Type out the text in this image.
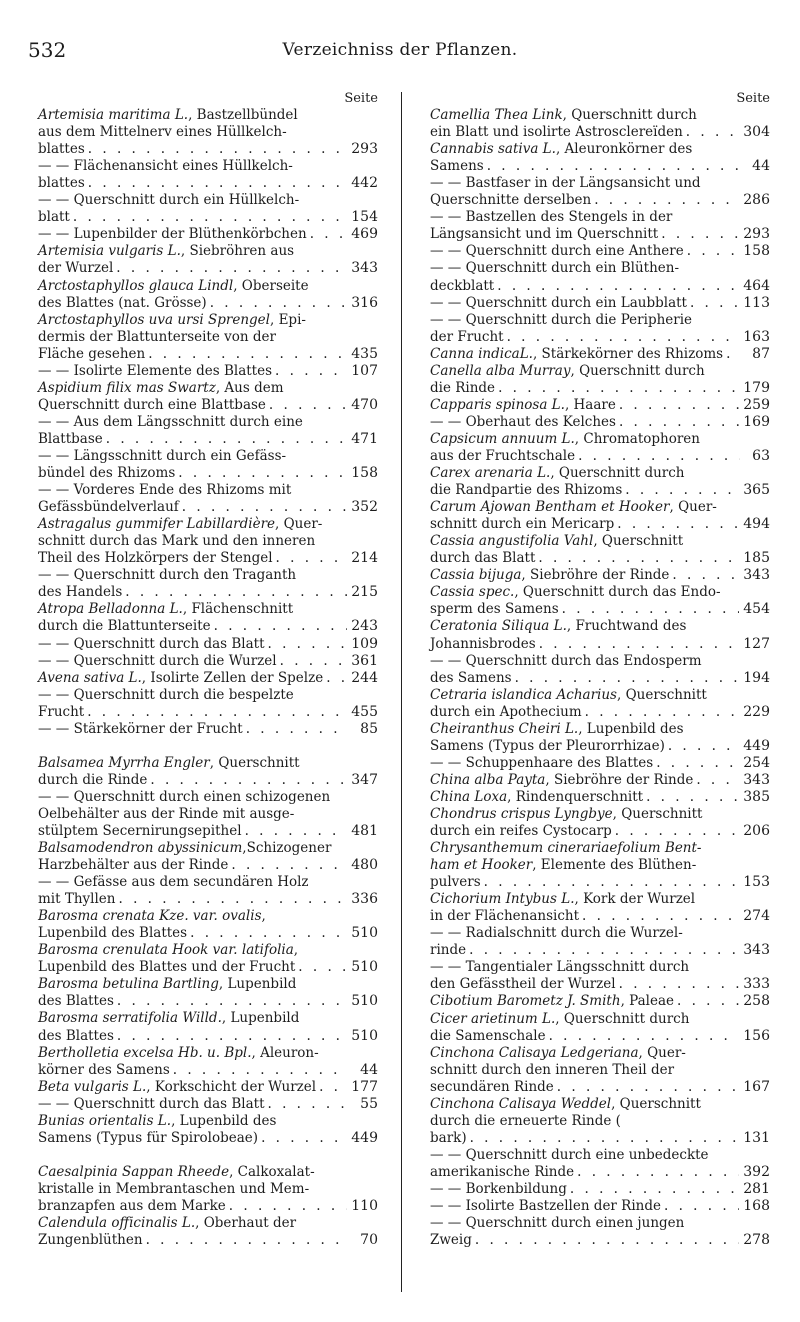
532	Verzeichniss der Pflanzen.
Seite
Artemisia maritima L., Bastzellbündel
aus dem Mittelnerv eines Hüllkelch-
blattes . . .	293
— — Flächenansicht eines Hüllkelch-
blattes . . .	442
— — Querschnitt durch ein Hüllkelch-
blatt . . .	154
— — Lupenbilder der Blüthenkörbchen . . .	469
Artemisia vulgaris L., Siebröhren aus
der Wurzel . . .	343
Arctostaphyllos glauca Lindl, Oberseite
des Blattes (nat. Grösse) . . .	316
Arctostaphyllos uva ursi Sprengel, Epi-
dermis der Blattunterseite von der
Fläche gesehen . . .	435
— — Isolirte Elemente des Blattes . . .	107
Aspidium filix mas Swartz, Aus dem
Querschnitt durch eine Blattbase . . .	470
— — Aus dem Längsschnitt durch eine
Blattbase . . .	471
— — Längsschnitt durch ein Gefäss-
bündel des Rhizoms . . .	158
— — Vorderes Ende des Rhizoms mit
Gefässbündelverlauf . . .	352
Astragalus gummifer Labillardière, Quer-
schnitt durch das Mark und den inneren
Theil des Holzkörpers der Stengel . . .	214
— — Querschnitt durch den Traganth
des Handels . . .	215
Atropa Belladonna L., Flächenschnitt
durch die Blattunterseite . . .	243
— — Querschnitt durch das Blatt . . .	109
— — Querschnitt durch die Wurzel . . .	361
Avena sativa L., Isolirte Zellen der Spelze . . . 244
— — Querschnitt durch die bespelzte
Frucht . . .	455
— — Stärkekörner der Frucht . . .	85
Balsamea Myrrha Engler, Querschnitt
durch die Rinde . . .	347
— — Querschnitt durch einen schizogenen
Oelbehälter aus der Rinde mit ausge-
stülptem Secernirungsepithel . . .	481
Balsamodendron abyssinicum,Schizogener
Harzbehälter aus der Rinde . . .	480
— — Gefässe aus dem secundären Holz
mit Thyllen . . .	336
Barosma crenata Kze. var. ovalis,
Lupenbild des Blattes . . .	510
Barosma crenulata Hook var. latifolia,
Lupenbild des Blattes und der Frucht . . .	510
Barosma betulina Bartling, Lupenbild
des Blattes . . .	510
Barosma serratifolia Willd., Lupenbild
des Blattes . . .	510
Bertholletia excelsa Hb. u. Bpl., Aleuron-
körner des Samens . . .	44
Beta vulgaris L., Korkschicht der Wurzel . . .	177
— — Querschnitt durch das Blatt . . .	55
Bunias orientalis L., Lupenbild des
Samens (Typus für Spirolobeae) . . .	449
Caesalpinia Sappan Rheede, Calkoxalat-
kristalle in Membrantaschen und Mem-
branzapfen aus dem Marke . . .	110
Calendula officinalis L., Oberhaut der
Zungenblüthen . . .	70
Seite
Camellia Thea Link, Querschnitt durch
ein Blatt und isolirte Astrosclereïden . . .	304
Cannabis sativa L., Aleuronkörner des
Samens . . .	44
— — Bastfaser in der Längsansicht und
Querschnitte derselben . . .	286
— — Bastzellen des Stengels in der
Längsansicht und im Querschnitt . . .	293
— — Querschnitt durch eine Anthere . . .	158
— — Querschnitt durch ein Blüthen-
deckblatt . . .	464
— — Querschnitt durch ein Laubblatt . . .	113
— — Querschnitt durch die Peripherie
der Frucht . . .	163
Canna indicaL., Stärkekörner des Rhizoms . . .	87
Canella alba Murray, Querschnitt durch
die Rinde . . .	179
Capparis spinosa L., Haare . . .	259
— — Oberhaut des Kelches . . .	169
Capsicum annuum L., Chromatophoren
aus der Fruchtschale . . .	63
Carex arenaria L., Querschnitt durch
die Randpartie des Rhizoms . . .	365
Carum Ajowan Bentham et Hooker, Quer-
schnitt durch ein Mericarp . . .	494
Cassia angustifolia Vahl, Querschnitt
durch das Blatt . . .	185
Cassia bijuga, Siebröhre der Rinde . . .	343
Cassia spec., Querschnitt durch das Endo-
sperm des Samens . . .	454
Ceratonia Siliqua L., Fruchtwand des
Johannisbrodes . . .	127
— — Querschnitt durch das Endosperm
des Samens . . .	194
Cetraria islandica Acharius, Querschnitt
durch ein Apothecium . . .	229
Cheiranthus Cheiri L., Lupenbild des
Samens (Typus der Pleurorrhizae) . . .	449
— — Schuppenhaare des Blattes . . .	254
China alba Payta, Siebröhre der Rinde . . .	343
China Loxa, Rindenquerschnitt . . .	385
Chondrus crispus Lyngbye, Querschnitt
durch ein reifes Cystocarp . . .	206
Chrysanthemum cinerariaefolium Bent-
ham et Hooker, Elemente des Blüthen-
pulvers . . .	153
Cichorium Intybus L., Kork der Wurzel
in der Flächenansicht . . .	274
— — Radialschnitt durch die Wurzel-
rinde . . .	343
— — Tangentialer Längsschnitt durch
den Gefässtheil der Wurzel . . .	333
Cibotium Barometz J. Smith, Paleae . . .	258
Cicer arietinum L., Querschnitt durch
die Samenschale . . .	156
Cinchona Calisaya Ledgeriana, Quer-
schnitt durch den inneren Theil der
secundären Rinde . . .	167
Cinchona Calisaya Weddel, Querschnitt
durch die erneuerte Rinde (
bark) . . .	131
— — Querschnitt durch eine unbedeckte
amerikanische Rinde . . .	392
— — Borkenbildung . . .	281
— — Isolirte Bastzellen der Rinde . . .	168
— — Querschnitt durch einen jungen
Zweig . . .	278
